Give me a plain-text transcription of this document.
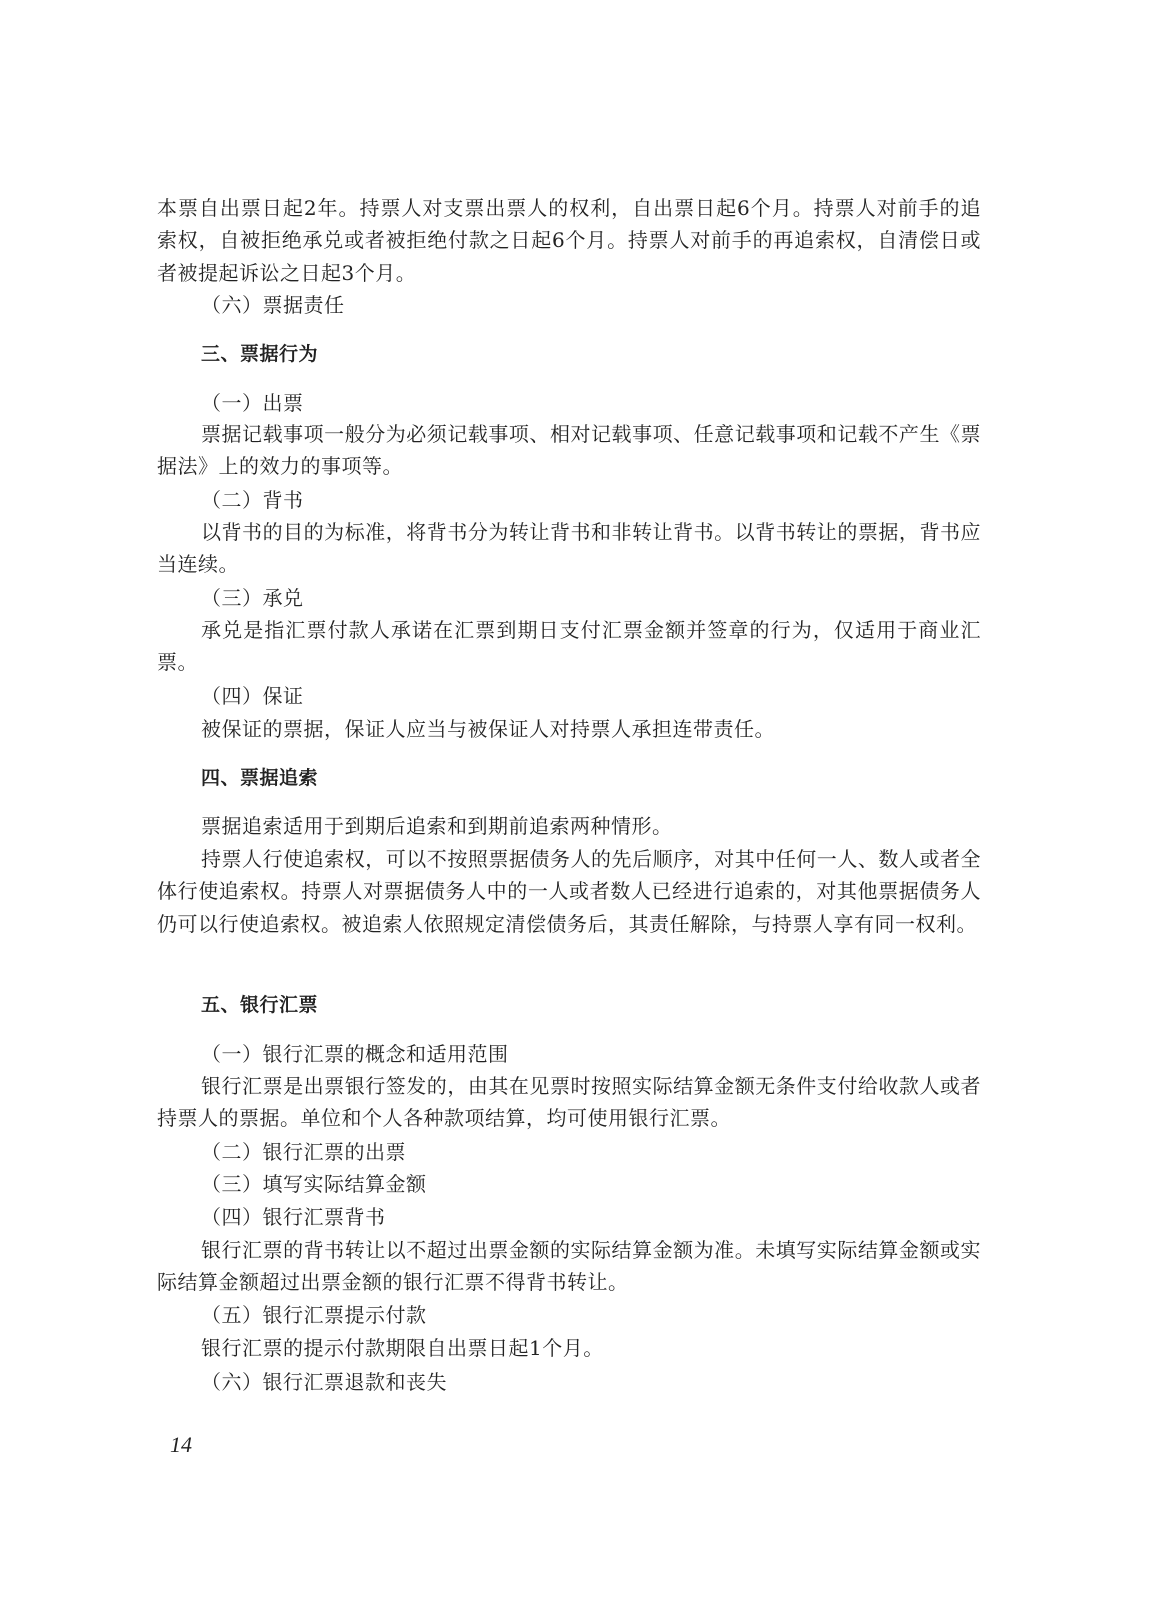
本票自出票日起2年。持票人对支票出票人的权利，自出票日起6个月。持票人对前手的追索权，自被拒绝承兑或者被拒绝付款之日起6个月。持票人对前手的再追索权，自清偿日或者被提起诉讼之日起3个月。

（六）票据责任

三、票据行为

（一）出票

票据记载事项一般分为必须记载事项、相对记载事项、任意记载事项和记载不产生《票据法》上的效力的事项等。

（二）背书

以背书的目的为标准，将背书分为转让背书和非转让背书。以背书转让的票据，背书应当连续。

（三）承兑

承兑是指汇票付款人承诺在汇票到期日支付汇票金额并签章的行为，仅适用于商业汇票。

（四）保证

被保证的票据，保证人应当与被保证人对持票人承担连带责任。

四、票据追索

票据追索适用于到期后追索和到期前追索两种情形。

持票人行使追索权，可以不按照票据债务人的先后顺序，对其中任何一人、数人或者全体行使追索权。持票人对票据债务人中的一人或者数人已经进行追索的，对其他票据债务人仍可以行使追索权。被追索人依照规定清偿债务后，其责任解除，与持票人享有同一权利。

五、银行汇票

（一）银行汇票的概念和适用范围

银行汇票是出票银行签发的，由其在见票时按照实际结算金额无条件支付给收款人或者持票人的票据。单位和个人各种款项结算，均可使用银行汇票。

（二）银行汇票的出票

（三）填写实际结算金额

（四）银行汇票背书

银行汇票的背书转让以不超过出票金额的实际结算金额为准。未填写实际结算金额或实际结算金额超过出票金额的银行汇票不得背书转让。

（五）银行汇票提示付款

银行汇票的提示付款期限自出票日起1个月。

（六）银行汇票退款和丧失

14
